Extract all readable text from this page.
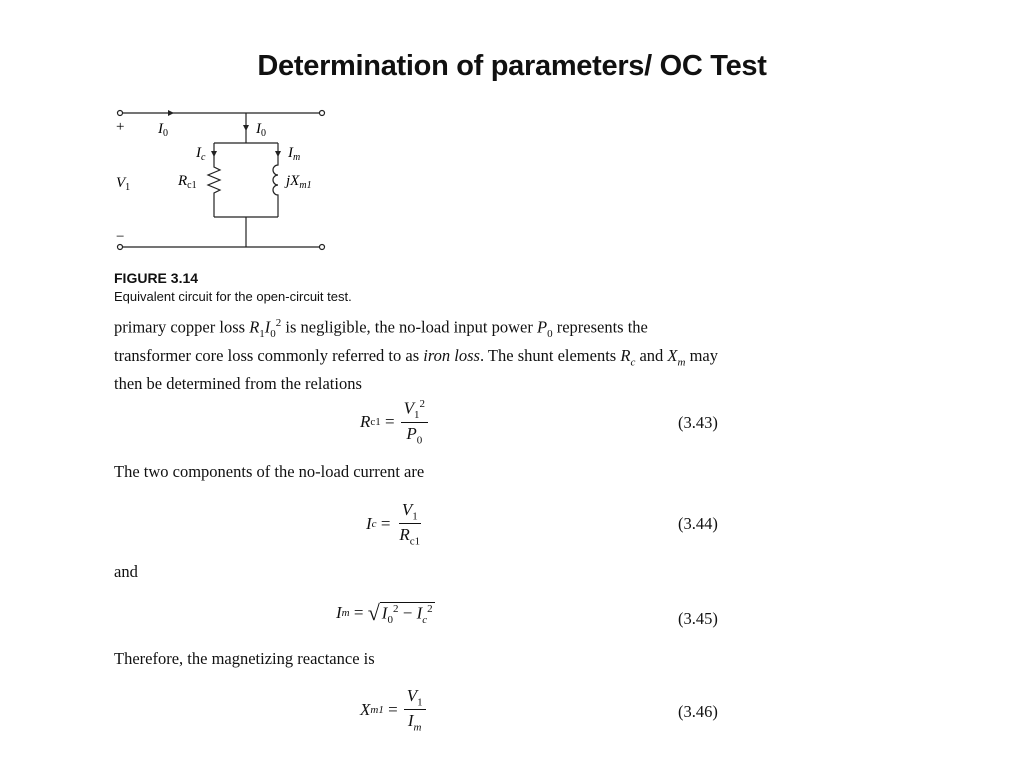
Determination of parameters/ OC Test
+
−
$V_1$
$I_0$	$I_0$
$I_c$	$I_m$
$R_{c1}$	$jX_{m1}$
FIGURE 3.14
Equivalent circuit for the open-circuit test.
primary copper loss $R_1I_0^2$ is negligible, the no-load input power $P_0$ represents the transformer core loss commonly referred to as iron loss. The shunt elements $R_c$ and $X_m$ may then be determined from the relations
R c1
= $\frac{V_1^2}{P_0}$	(3.43)
The two components of the no-load current are
I c
= $\frac{V_1}{R_{c1}}$	(3.44)
and
I m
=
√ $I_0^2 - I_c^2$
(3.45)
Therefore, the magnetizing reactance is
X m1
= $\frac{V_1}{I_m}$	(3.46)
